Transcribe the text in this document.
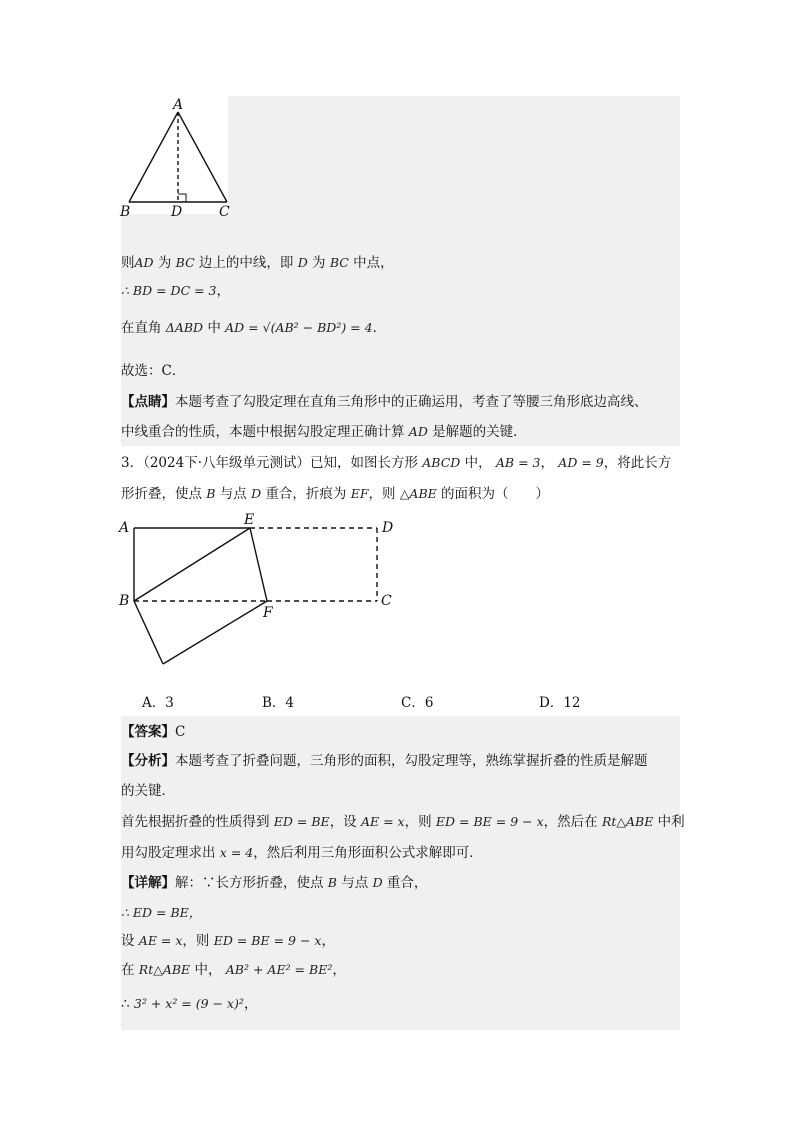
A
B	D	C
则AD 为 BC 边上的中线，即 D 为 BC 中点，
∴ BD = DC = 3，
在直角 ΔABD 中 AD = √(AB² − BD²) = 4．
故选：C．
【点睛】本题考查了勾股定理在直角三角形中的正确运用，考查了等腰三角形底边高线、
中线重合的性质，本题中根据勾股定理正确计算 AD 是解题的关键．
3．（2024下·八年级单元测试）已知，如图长方形 ABCD 中， AB = 3， AD = 9，将此长方
形折叠，使点 B 与点 D 重合，折痕为 EF，则 △ABE 的面积为（　　）
A	E	D
B
F
C
A．3	B．4	C．6	D．12
【答案】C
【分析】本题考查了折叠问题，三角形的面积，勾股定理等，熟练掌握折叠的性质是解题
的关键．
首先根据折叠的性质得到 ED = BE，设 AE = x，则 ED = BE = 9 − x，然后在 Rt△ABE 中利
用勾股定理求出 x = 4，然后利用三角形面积公式求解即可．
【详解】解：∵长方形折叠，使点 B 与点 D 重合，
∴ ED = BE，
设 AE = x，则 ED = BE = 9 − x，
在 Rt△ABE 中， AB² + AE² = BE²，
∴ 3² + x² = (9 − x)²，
